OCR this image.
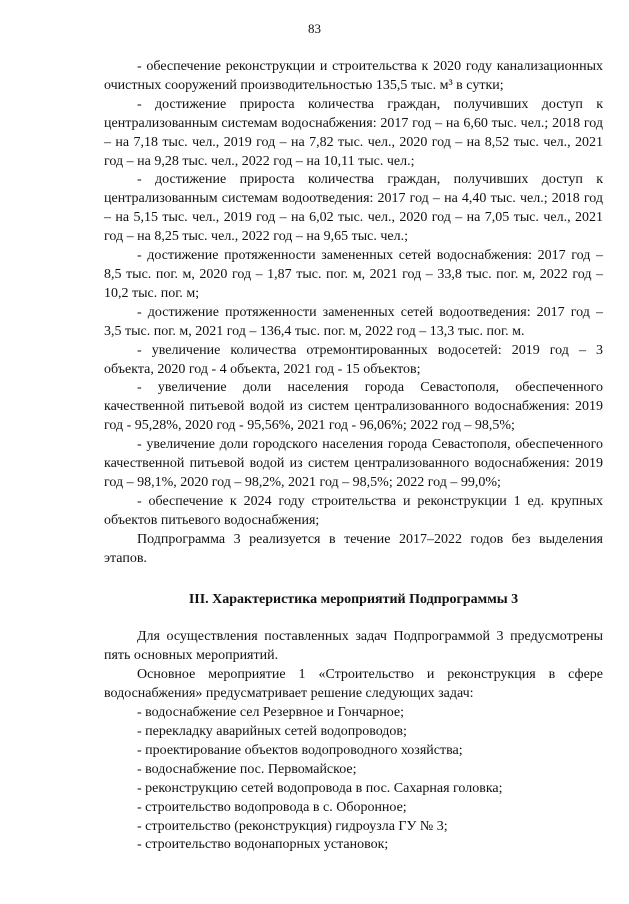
83

- обеспечение реконструкции и строительства к 2020 году канализационных очистных сооружений производительностью 135,5 тыс. м³ в сутки;

- достижение прироста количества граждан, получивших доступ к централизованным системам водоснабжения: 2017 год – на 6,60 тыс. чел.; 2018 год – на 7,18 тыс. чел., 2019 год – на 7,82 тыс. чел., 2020 год – на 8,52 тыс. чел., 2021 год – на 9,28 тыс. чел., 2022 год – на 10,11 тыс. чел.;

- достижение прироста количества граждан, получивших доступ к централизованным системам водоотведения: 2017 год – на 4,40 тыс. чел.; 2018 год – на 5,15 тыс. чел., 2019 год – на 6,02 тыс. чел., 2020 год – на 7,05 тыс. чел., 2021 год – на 8,25 тыс. чел., 2022 год – на 9,65 тыс. чел.;

- достижение протяженности замененных сетей водоснабжения: 2017 год – 8,5 тыс. пог. м, 2020 год – 1,87 тыс. пог. м, 2021 год – 33,8 тыс. пог. м, 2022 год – 10,2 тыс. пог. м;

- достижение протяженности замененных сетей водоотведения: 2017 год – 3,5 тыс. пог. м, 2021 год – 136,4 тыс. пог. м, 2022 год – 13,3 тыс. пог. м.

- увеличение количества отремонтированных водосетей: 2019 год – 3 объекта, 2020 год - 4 объекта, 2021 год - 15 объектов;

- увеличение доли населения города Севастополя, обеспеченного качественной питьевой водой из систем централизованного водоснабжения: 2019 год - 95,28%, 2020 год - 95,56%, 2021 год - 96,06%; 2022 год – 98,5%;

- увеличение доли городского населения города Севастополя, обеспеченного качественной питьевой водой из систем централизованного водоснабжения: 2019 год – 98,1%, 2020 год – 98,2%, 2021 год – 98,5%; 2022 год – 99,0%;

- обеспечение к 2024 году строительства и реконструкции 1 ед. крупных объектов питьевого водоснабжения;

Подпрограмма 3 реализуется в течение 2017–2022 годов без выделения этапов.

III. Характеристика мероприятий Подпрограммы 3

Для осуществления поставленных задач Подпрограммой 3 предусмотрены пять основных мероприятий.

Основное мероприятие 1 «Строительство и реконструкция в сфере водоснабжения» предусматривает решение следующих задач:

- водоснабжение сел Резервное и Гончарное;
- перекладку аварийных сетей водопроводов;
- проектирование объектов водопроводного хозяйства;
- водоснабжение пос. Первомайское;
- реконструкцию сетей водопровода в пос. Сахарная головка;
- строительство водопровода в с. Оборонное;
- строительство (реконструкция) гидроузла ГУ № 3;
- строительство водонапорных установок;
